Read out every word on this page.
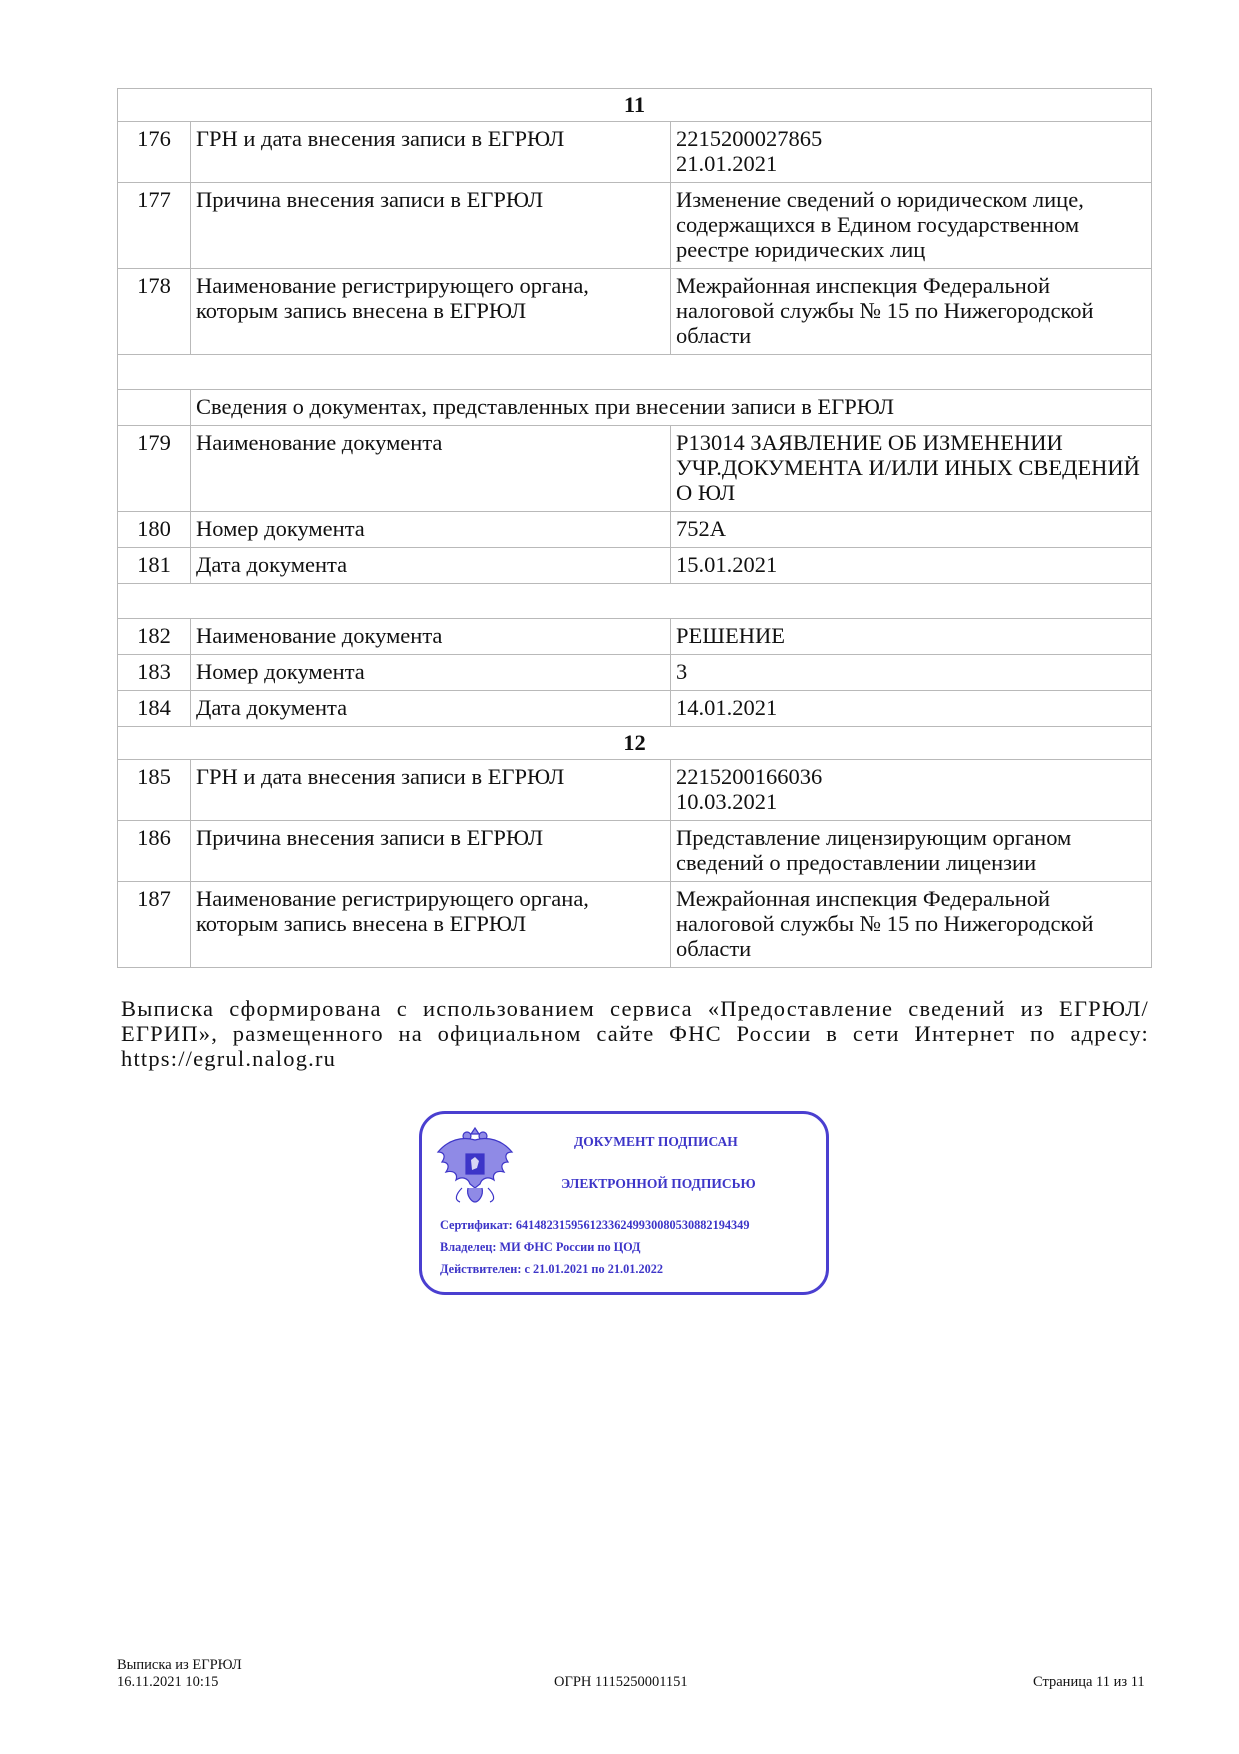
11		
176	ГРН и дата внесения записи в ЕГРЮЛ	2215200027865
21.01.2021

177	Причина внесения записи в ЕГРЮЛ	Изменение сведений о юридическом лице, содержащихся в Едином государственном реестре юридических лиц
178	Наименование регистрирующего органа, которым запись внесена в ЕГРЮЛ	Межрайонная инспекция Федеральной налоговой службы № 15 по Нижегородской области

	Сведения о документах, представленных при внесении записи в ЕГРЮЛ	
179	Наименование документа	Р13014 ЗАЯВЛЕНИЕ ОБ ИЗМЕНЕНИИ УЧР.ДОКУМЕНТА И/ИЛИ ИНЫХ СВЕДЕНИЙ О ЮЛ
180	Номер документа	752А
181	Дата документа	15.01.2021

182	Наименование документа	РЕШЕНИЕ
183	Номер документа	3
184	Дата документа	14.01.2021
12		
185	ГРН и дата внесения записи в ЕГРЮЛ	2215200166036
10.03.2021

186	Причина внесения записи в ЕГРЮЛ	Представление лицензирующим органом сведений о предоставлении лицензии
187	Наименование регистрирующего органа, которым запись внесена в ЕГРЮЛ	Межрайонная инспекция Федеральной налоговой службы № 15 по Нижегородской области

Выписка сформирована с использованием сервиса «Предоставление сведений из ЕГРЮЛ/ЕГРИП», размещенного на официальном сайте ФНС России в сети Интернет по адресу: https://egrul.nalog.ru

ДОКУМЕНТ ПОДПИСАН
ЭЛЕКТРОННОЙ ПОДПИСЬЮ
Сертификат: 64148231595612336249930080530882194349
Владелец: МИ ФНС России по ЦОД
Действителен: с 21.01.2021 по 21.01.2022
Выписка из ЕГРЮЛ
16.11.2021 10:15	ОГРН 1115250001151	Страница 11 из 11
